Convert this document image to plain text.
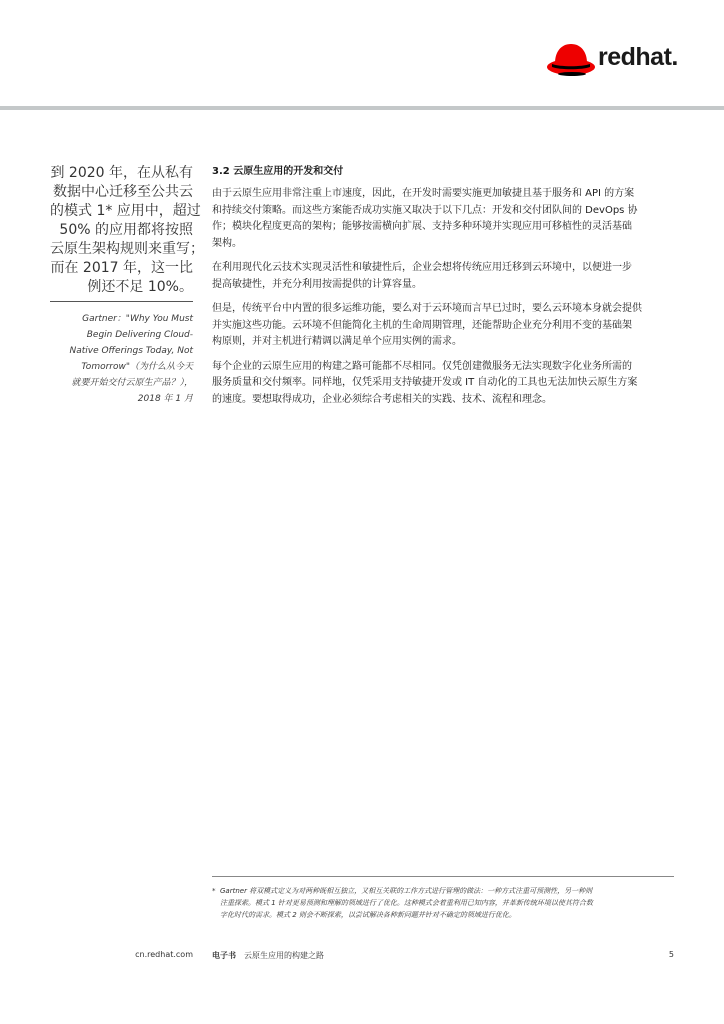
redhat.
到 2020 年，在从私有
数据中心迁移至公共云
的模式 1* 应用中，超过
50% 的应用都将按照
云原生架构规则来重写；
而在 2017 年，这一比
例还不足 10%。
Gartner："Why You Must
Begin Delivering Cloud-
Native Offerings Today, Not
Tomorrow"（为什么从今天
就要开始交付云原生产品？），
2018 年 1 月
3.2 云原生应用的开发和交付

由于云原生应用非常注重上市速度，因此，在开发时需要实施更加敏捷且基于服务和 API 的方案
和持续交付策略。而这些方案能否成功实施又取决于以下几点：开发和交付团队间的 DevOps 协
作；模块化程度更高的架构；能够按需横向扩展、支持多种环境并实现应用可移植性的灵活基础
架构。

在利用现代化云技术实现灵活性和敏捷性后，企业会想将传统应用迁移到云环境中，以便进一步
提高敏捷性，并充分利用按需提供的计算容量。

但是，传统平台中内置的很多运维功能，要么对于云环境而言早已过时，要么云环境本身就会提供
并实施这些功能。云环境不但能简化主机的生命周期管理，还能帮助企业充分利用不变的基础架
构原则，并对主机进行精调以满足单个应用实例的需求。

每个企业的云原生应用的构建之路可能都不尽相同。仅凭创建微服务无法实现数字化业务所需的
服务质量和交付频率。同样地，仅凭采用支持敏捷开发或 IT 自动化的工具也无法加快云原生方案
的速度。要想取得成功，企业必须综合考虑相关的实践、技术、流程和理念。

* Gartner 将双模式定义为对两种既相互独立，又相互关联的工作方式进行管理的做法：一种方式注重可预测性，另一种则
注重探索。模式 1 针对更易预测和理解的领域进行了优化。这种模式会着重利用已知内容，并革新传统环境以使其符合数
字化时代的需求。模式 2 则会不断探索，以尝试解决各种新问题并针对不确定的领域进行优化。
cn.redhat.com 电子书 云原生应用的构建之路	5
